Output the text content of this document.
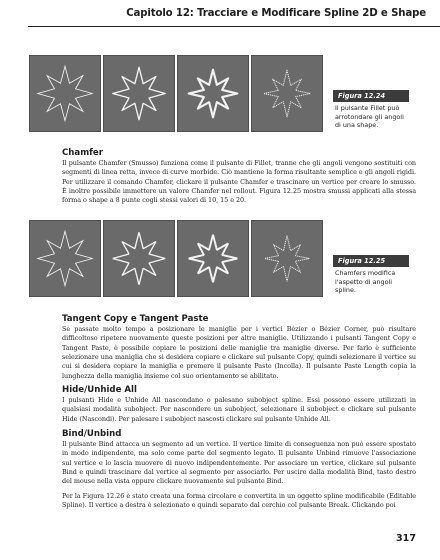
Capitolo 12: Tracciare e Modificare Spline 2D e Shape
Figura 12.24
Il pulsante Fillet può arrotondare gli angoli di una shape.
Chamfer

Il pulsante Chamfer (Smusso) funziona come il pulsante di Fillet, tranne che gli angoli vengono sostituiti con segmenti di linea retta, invece di curve morbide. Ciò mantiene la forma risultante semplice e gli angoli rigidi. Per utilizzare il comando Chamfer, clickare il pulsante Chamfer e trascinare un vertice per creare lo smusso. È inoltre possibile immettere un valore Chamfer nel rollout. Figura 12.25 mostra smussi applicati alla stessa forma o shape a 8 punte cogli stessi valori di 10, 15 e 20.

Figura 12.25
Chamfers modifica l'aspetto di angoli spline.
Tangent Copy e Tangent Paste

Se passate molto tempo a posizionare le maniglie per i vertici Bézier o Bézier Corner, può risultare difficoltoso ripetere nuovamente queste posizioni per altre maniglie. Utilizzando i pulsanti Tangent Copy e Tangent Paste, è possibile copiare le posizioni delle maniglie tra maniglie diverse. Per farlo è sufficiente selezionare una maniglia che si desidera copiare e clickare sul pulsante Copy, quindi selezionare il vertice su cui si desidera copiare la maniglia e premere il pulsante Paste (Incolla). Il pulsante Paste Length copia la lunghezza della maniglia insieme col suo orientamento se abilitato.

Hide/Unhide All

I pulsanti Hide e Unhide All nascondano o palesano subobject spline. Essi possono essere utilizzati in qualsiasi modalità subobject. Per nascondere un subobject, selezionare il subobject e clickare sul pulsante Hide (Nascondi). Per palesare i subobject nascosti clickare sul pulsante Unhide All.

Bind/Unbind

Il pulsante Bind attacca un segmento ad un vertice. Il vertice limite di conseguenza non può essere spostato in modo indipendente, ma solo come parte del segmento legato. Il pulsante Unbind rimuove l'associazione sul vertice e lo lascia muovere di nuovo indipendentemente. Per associare un vertice, clickare sul pulsante Bind e quindi trascinare dal vertice al segmento per associarlo. Per uscire dalla modalità Bind, tasto destro del mouse nella vista oppure clickare nuovamente sul pulsante Bind.

Per la Figura 12.26 è stato creata una forma circolare e convertita in un oggetto spline modificabile (Editable Spline). Il vertice a destra è selezionato e quindi separato dal cerchio col pulsante Break. Clickando poi

317
